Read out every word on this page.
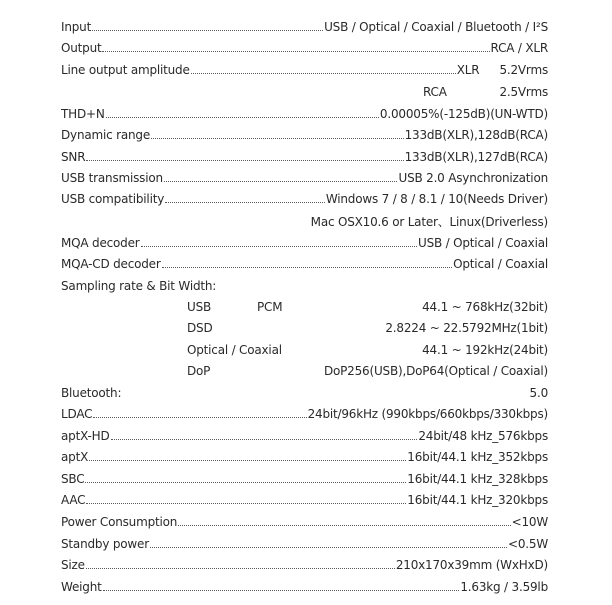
Input	USB / Optical / Coaxial / Bluetooth / I²S
Output	RCA / XLR
Line output amplitude	XLR 5.2Vrms
RCA	2.5Vrms
THD+N	0.00005%(-125dB)(UN-WTD)
Dynamic range	133dB(XLR),128dB(RCA)
SNR	133dB(XLR),127dB(RCA)
USB transmission	USB 2.0 Asynchronization
USB compatibility	Windows 7 / 8 / 8.1 / 10(Needs Driver)
Mac OSX10.6 or Later、Linux(Driverless)
MQA decoder	USB / Optical / Coaxial
MQA-CD decoder	Optical / Coaxial
Sampling rate & Bit Width:
USB	PCM	44.1 ~ 768kHz(32bit)
DSD	2.8224 ~ 22.5792MHz(1bit)
Optical / Coaxial	44.1 ~ 192kHz(24bit)
DoP	DoP256(USB),DoP64(Optical / Coaxial)
Bluetooth:	5.0
LDAC	24bit/96kHz (990kbps/660kbps/330kbps)
aptX-HD	24bit/48 kHz_576kbps
aptX	16bit/44.1 kHz_352kbps
SBC	16bit/44.1 kHz_328kbps
AAC	16bit/44.1 kHz_320kbps
Power Consumption	<10W
Standby power	<0.5W
Size	210x170x39mm (WxHxD)
Weight	1.63kg / 3.59lb
